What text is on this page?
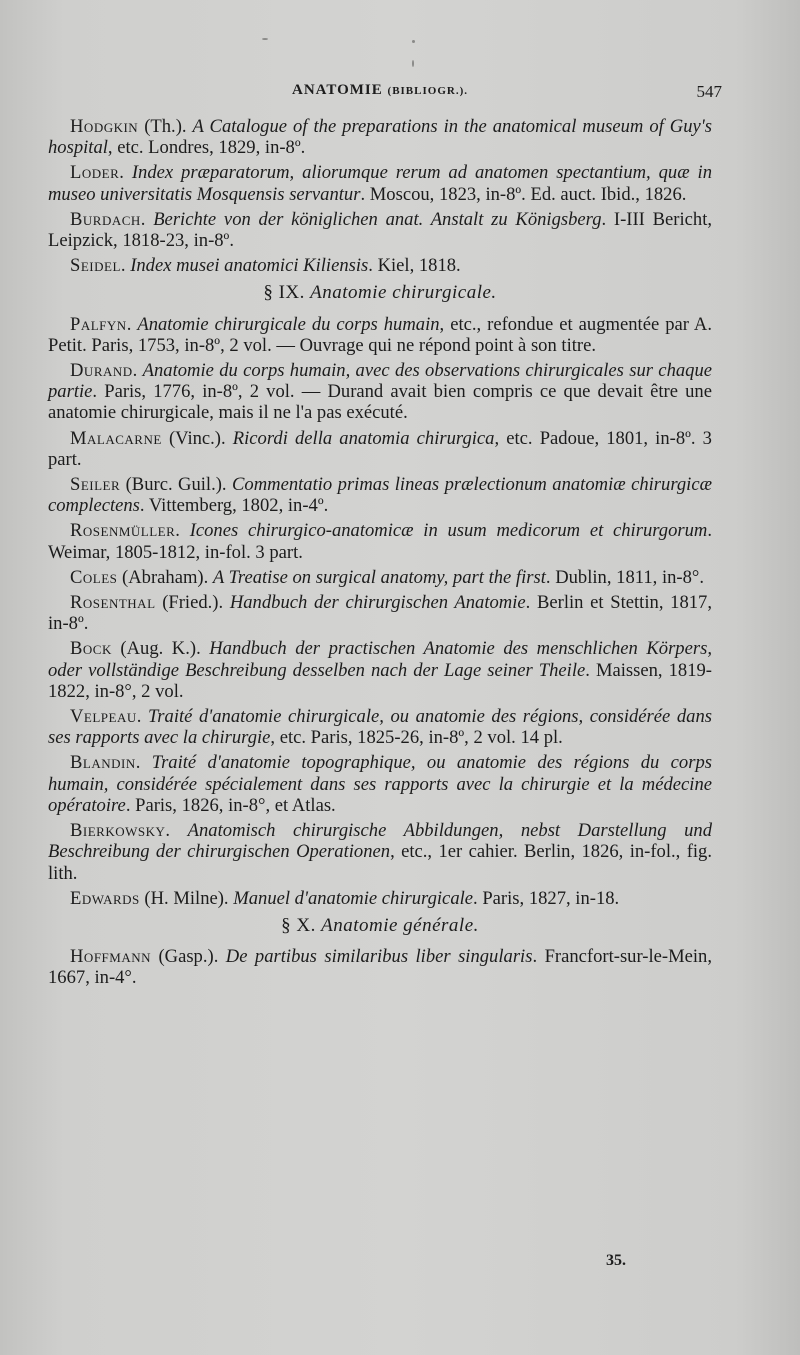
ANATOMIE (BIBLIOGR.).	547

Hodgkin (Th.). A Catalogue of the preparations in the anatomical museum of Guy's hospital, etc. Londres, 1829, in-8º.

Loder. Index præparatorum, aliorumque rerum ad anatomen spectantium, quæ in museo universitatis Mosquensis servantur. Moscou, 1823, in-8º. Ed. auct. Ibid., 1826.

Burdach. Berichte von der königlichen anat. Anstalt zu Königsberg. I-III Bericht, Leipzick, 1818-23, in-8º.

Seidel. Index musei anatomici Kiliensis. Kiel, 1818.

§ IX. Anatomie chirurgicale.

Palfyn. Anatomie chirurgicale du corps humain, etc., refondue et augmentée par A. Petit. Paris, 1753, in-8º, 2 vol. — Ouvrage qui ne répond point à son titre.

Durand. Anatomie du corps humain, avec des observations chirurgicales sur chaque partie. Paris, 1776, in-8º, 2 vol. — Durand avait bien compris ce que devait être une anatomie chirurgicale, mais il ne l'a pas exécuté.

Malacarne (Vinc.). Ricordi della anatomia chirurgica, etc. Padoue, 1801, in-8º. 3 part.

Seiler (Burc. Guil.). Commentatio primas lineas prælectionum anatomiæ chirurgicæ complectens. Vittemberg, 1802, in-4º.

Rosenmüller. Icones chirurgico-anatomicæ in usum medicorum et chirurgorum. Weimar, 1805-1812, in-fol. 3 part.

Coles (Abraham). A Treatise on surgical anatomy, part the first. Dublin, 1811, in-8°.

Rosenthal (Fried.). Handbuch der chirurgischen Anatomie. Berlin et Stettin, 1817, in-8º.

Bock (Aug. K.). Handbuch der practischen Anatomie des menschlichen Körpers, oder vollständige Beschreibung desselben nach der Lage seiner Theile. Maissen, 1819-1822, in-8°, 2 vol.

Velpeau. Traité d'anatomie chirurgicale, ou anatomie des régions, considérée dans ses rapports avec la chirurgie, etc. Paris, 1825-26, in-8º, 2 vol. 14 pl.

Blandin. Traité d'anatomie topographique, ou anatomie des régions du corps humain, considérée spécialement dans ses rapports avec la chirurgie et la médecine opératoire. Paris, 1826, in-8°, et Atlas.

Bierkowsky. Anatomisch chirurgische Abbildungen, nebst Darstellung und Beschreibung der chirurgischen Operationen, etc., 1er cahier. Berlin, 1826, in-fol., fig. lith.

Edwards (H. Milne). Manuel d'anatomie chirurgicale. Paris, 1827, in-18.

§ X. Anatomie générale.

Hoffmann (Gasp.). De partibus similaribus liber singularis. Francfort-sur-le-Mein, 1667, in-4°.

35.
